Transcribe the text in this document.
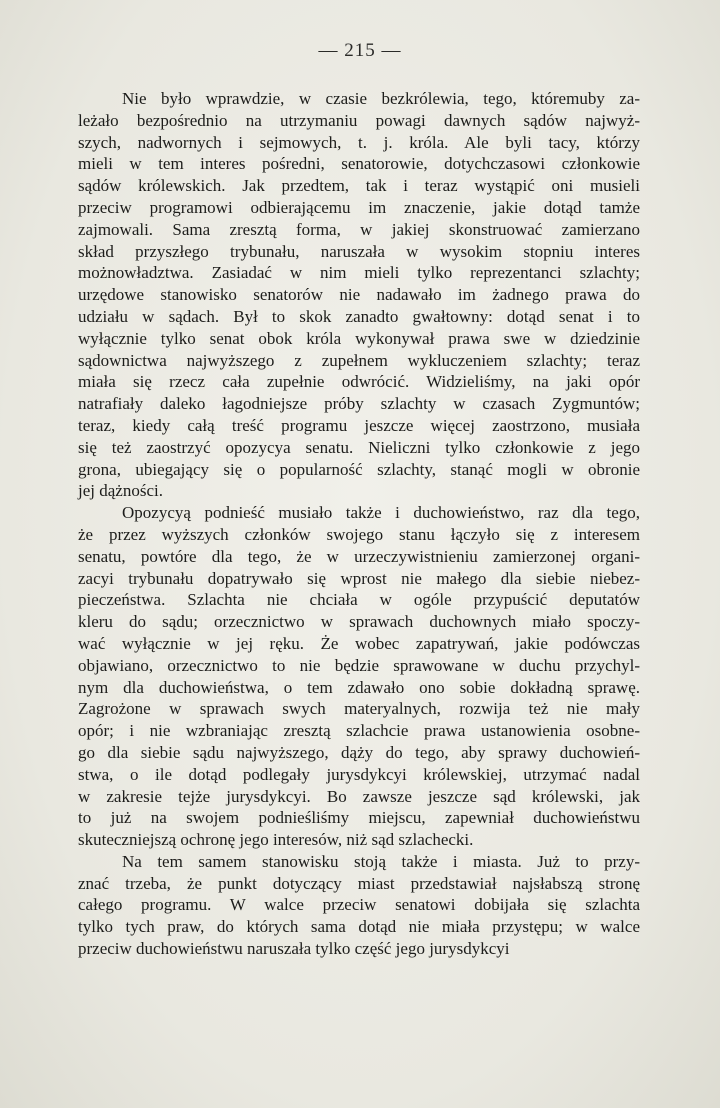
— 215 —
Nie było wprawdzie, w czasie bezkrólewia, tego, któremuby za-
leżało bezpośrednio na utrzymaniu powagi dawnych sądów najwyż-
szych, nadwornych i sejmowych, t. j. króla. Ale byli tacy, którzy
mieli w tem interes pośredni, senatorowie, dotychczasowi członkowie
sądów królewskich. Jak przedtem, tak i teraz wystąpić oni musieli
przeciw programowi odbierającemu im znaczenie, jakie dotąd tamże
zajmowali. Sama zresztą forma, w jakiej skonstruować zamierzano
skład przyszłego trybunału, naruszała w wysokim stopniu interes
możnowładztwa. Zasiadać w nim mieli tylko reprezentanci szlachty;
urzędowe stanowisko senatorów nie nadawało im żadnego prawa do
udziału w sądach. Był to skok zanadto gwałtowny: dotąd senat i to
wyłącznie tylko senat obok króla wykonywał prawa swe w dziedzinie
sądownictwa najwyższego z zupełnem wykluczeniem szlachty; teraz
miała się rzecz cała zupełnie odwrócić. Widzieliśmy, na jaki opór
natrafiały daleko łagodniejsze próby szlachty w czasach Zygmuntów;
teraz, kiedy całą treść programu jeszcze więcej zaostrzono, musiała
się też zaostrzyć opozycya senatu. Nieliczni tylko członkowie z jego
grona, ubiegający się o popularność szlachty, stanąć mogli w obronie
jej dążności.
Opozycyą podnieść musiało także i duchowieństwo, raz dla tego,
że przez wyższych członków swojego stanu łączyło się z interesem
senatu, powtóre dla tego, że w urzeczywistnieniu zamierzonej organi-
zacyi trybunału dopatrywało się wprost nie małego dla siebie niebez-
pieczeństwa. Szlachta nie chciała w ogóle przypuścić deputatów
kleru do sądu; orzecznictwo w sprawach duchownych miało spoczy-
wać wyłącznie w jej ręku. Że wobec zapatrywań, jakie podówczas
objawiano, orzecznictwo to nie będzie sprawowane w duchu przychyl-
nym dla duchowieństwa, o tem zdawało ono sobie dokładną sprawę.
Zagrożone w sprawach swych materyalnych, rozwija też nie mały
opór; i nie wzbraniając zresztą szlachcie prawa ustanowienia osobne-
go dla siebie sądu najwyższego, dąży do tego, aby sprawy duchowień-
stwa, o ile dotąd podlegały jurysdykcyi królewskiej, utrzymać nadal
w zakresie tejże jurysdykcyi. Bo zawsze jeszcze sąd królewski, jak
to już na swojem podnieśliśmy miejscu, zapewniał duchowieństwu
skuteczniejszą ochronę jego interesów, niż sąd szlachecki.
Na tem samem stanowisku stoją także i miasta. Już to przy-
znać trzeba, że punkt dotyczący miast przedstawiał najsłabszą stronę
całego programu. W walce przeciw senatowi dobijała się szlachta
tylko tych praw, do których sama dotąd nie miała przystępu; w walce
przeciw duchowieństwu naruszała tylko część jego jurysdykcyi
